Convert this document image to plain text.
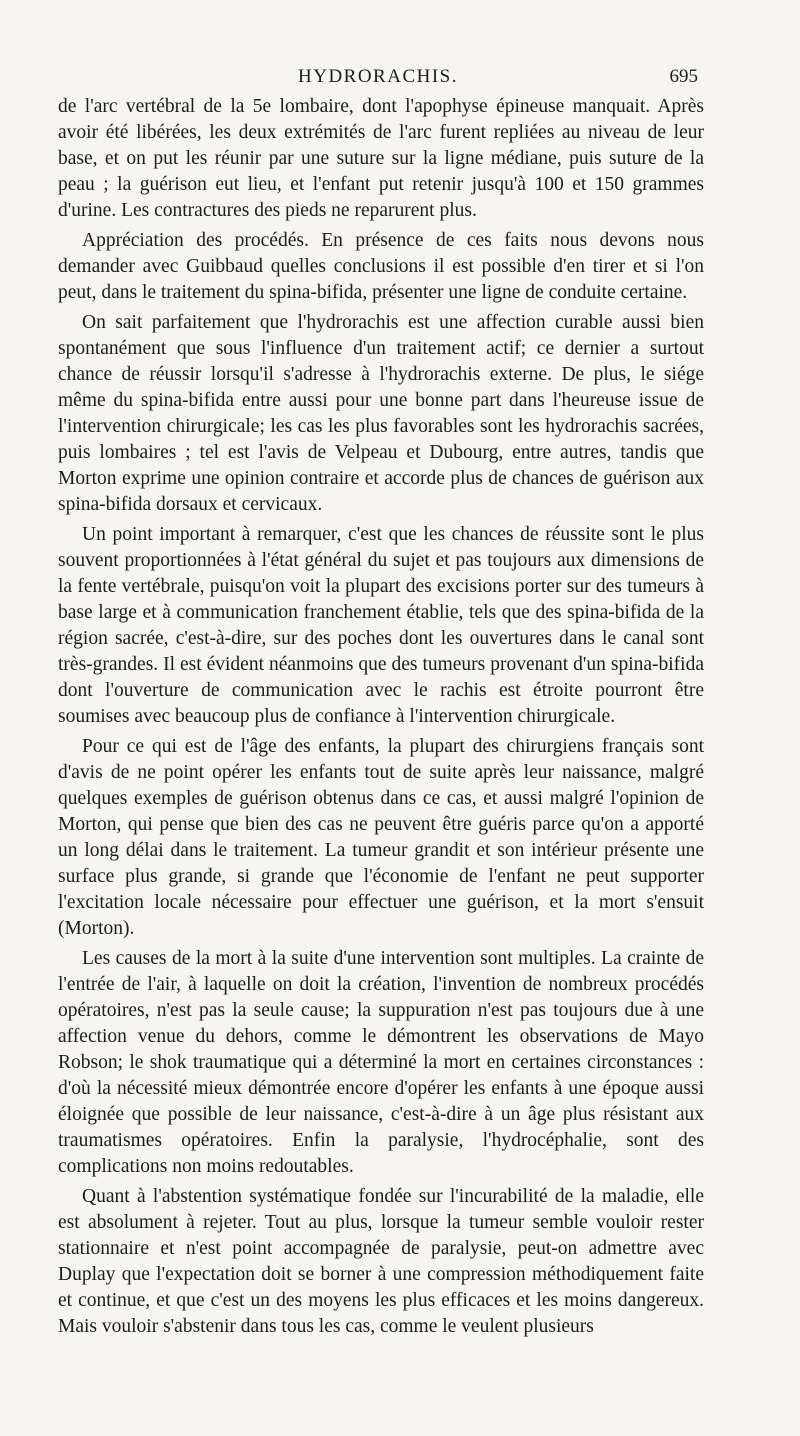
HYDRORACHIS.	695

de l'arc vertébral de la 5e lombaire, dont l'apophyse épineuse manquait. Après avoir été libérées, les deux extrémités de l'arc furent repliées au niveau de leur base, et on put les réunir par une suture sur la ligne médiane, puis suture de la peau ; la guérison eut lieu, et l'enfant put retenir jusqu'à 100 et 150 grammes d'urine. Les contractures des pieds ne reparurent plus.

Appréciation des procédés. En présence de ces faits nous devons nous demander avec Guibbaud quelles conclusions il est possible d'en tirer et si l'on peut, dans le traitement du spina-bifida, présenter une ligne de conduite certaine.

On sait parfaitement que l'hydrorachis est une affection curable aussi bien spontanément que sous l'influence d'un traitement actif; ce dernier a surtout chance de réussir lorsqu'il s'adresse à l'hydrorachis externe. De plus, le siége même du spina-bifida entre aussi pour une bonne part dans l'heureuse issue de l'intervention chirurgicale; les cas les plus favorables sont les hydrorachis sacrées, puis lombaires ; tel est l'avis de Velpeau et Dubourg, entre autres, tandis que Morton exprime une opinion contraire et accorde plus de chances de guérison aux spina-bifida dorsaux et cervicaux.

Un point important à remarquer, c'est que les chances de réussite sont le plus souvent proportionnées à l'état général du sujet et pas toujours aux dimensions de la fente vertébrale, puisqu'on voit la plupart des excisions porter sur des tumeurs à base large et à communication franchement établie, tels que des spina-bifida de la région sacrée, c'est-à-dire, sur des poches dont les ouvertures dans le canal sont très-grandes. Il est évident néanmoins que des tumeurs provenant d'un spina-bifida dont l'ouverture de communication avec le rachis est étroite pourront être soumises avec beaucoup plus de confiance à l'intervention chirurgicale.

Pour ce qui est de l'âge des enfants, la plupart des chirurgiens français sont d'avis de ne point opérer les enfants tout de suite après leur naissance, malgré quelques exemples de guérison obtenus dans ce cas, et aussi malgré l'opinion de Morton, qui pense que bien des cas ne peuvent être guéris parce qu'on a apporté un long délai dans le traitement. La tumeur grandit et son intérieur présente une surface plus grande, si grande que l'économie de l'enfant ne peut supporter l'excitation locale nécessaire pour effectuer une guérison, et la mort s'ensuit (Morton).

Les causes de la mort à la suite d'une intervention sont multiples. La crainte de l'entrée de l'air, à laquelle on doit la création, l'invention de nombreux procédés opératoires, n'est pas la seule cause; la suppuration n'est pas toujours due à une affection venue du dehors, comme le démontrent les observations de Mayo Robson; le shok traumatique qui a déterminé la mort en certaines circonstances : d'où la nécessité mieux démontrée encore d'opérer les enfants à une époque aussi éloignée que possible de leur naissance, c'est-à-dire à un âge plus résistant aux traumatismes opératoires. Enfin la paralysie, l'hydrocéphalie, sont des complications non moins redoutables.

Quant à l'abstention systématique fondée sur l'incurabilité de la maladie, elle est absolument à rejeter. Tout au plus, lorsque la tumeur semble vouloir rester stationnaire et n'est point accompagnée de paralysie, peut-on admettre avec Duplay que l'expectation doit se borner à une compression méthodiquement faite et continue, et que c'est un des moyens les plus efficaces et les moins dangereux. Mais vouloir s'abstenir dans tous les cas, comme le veulent plusieurs
